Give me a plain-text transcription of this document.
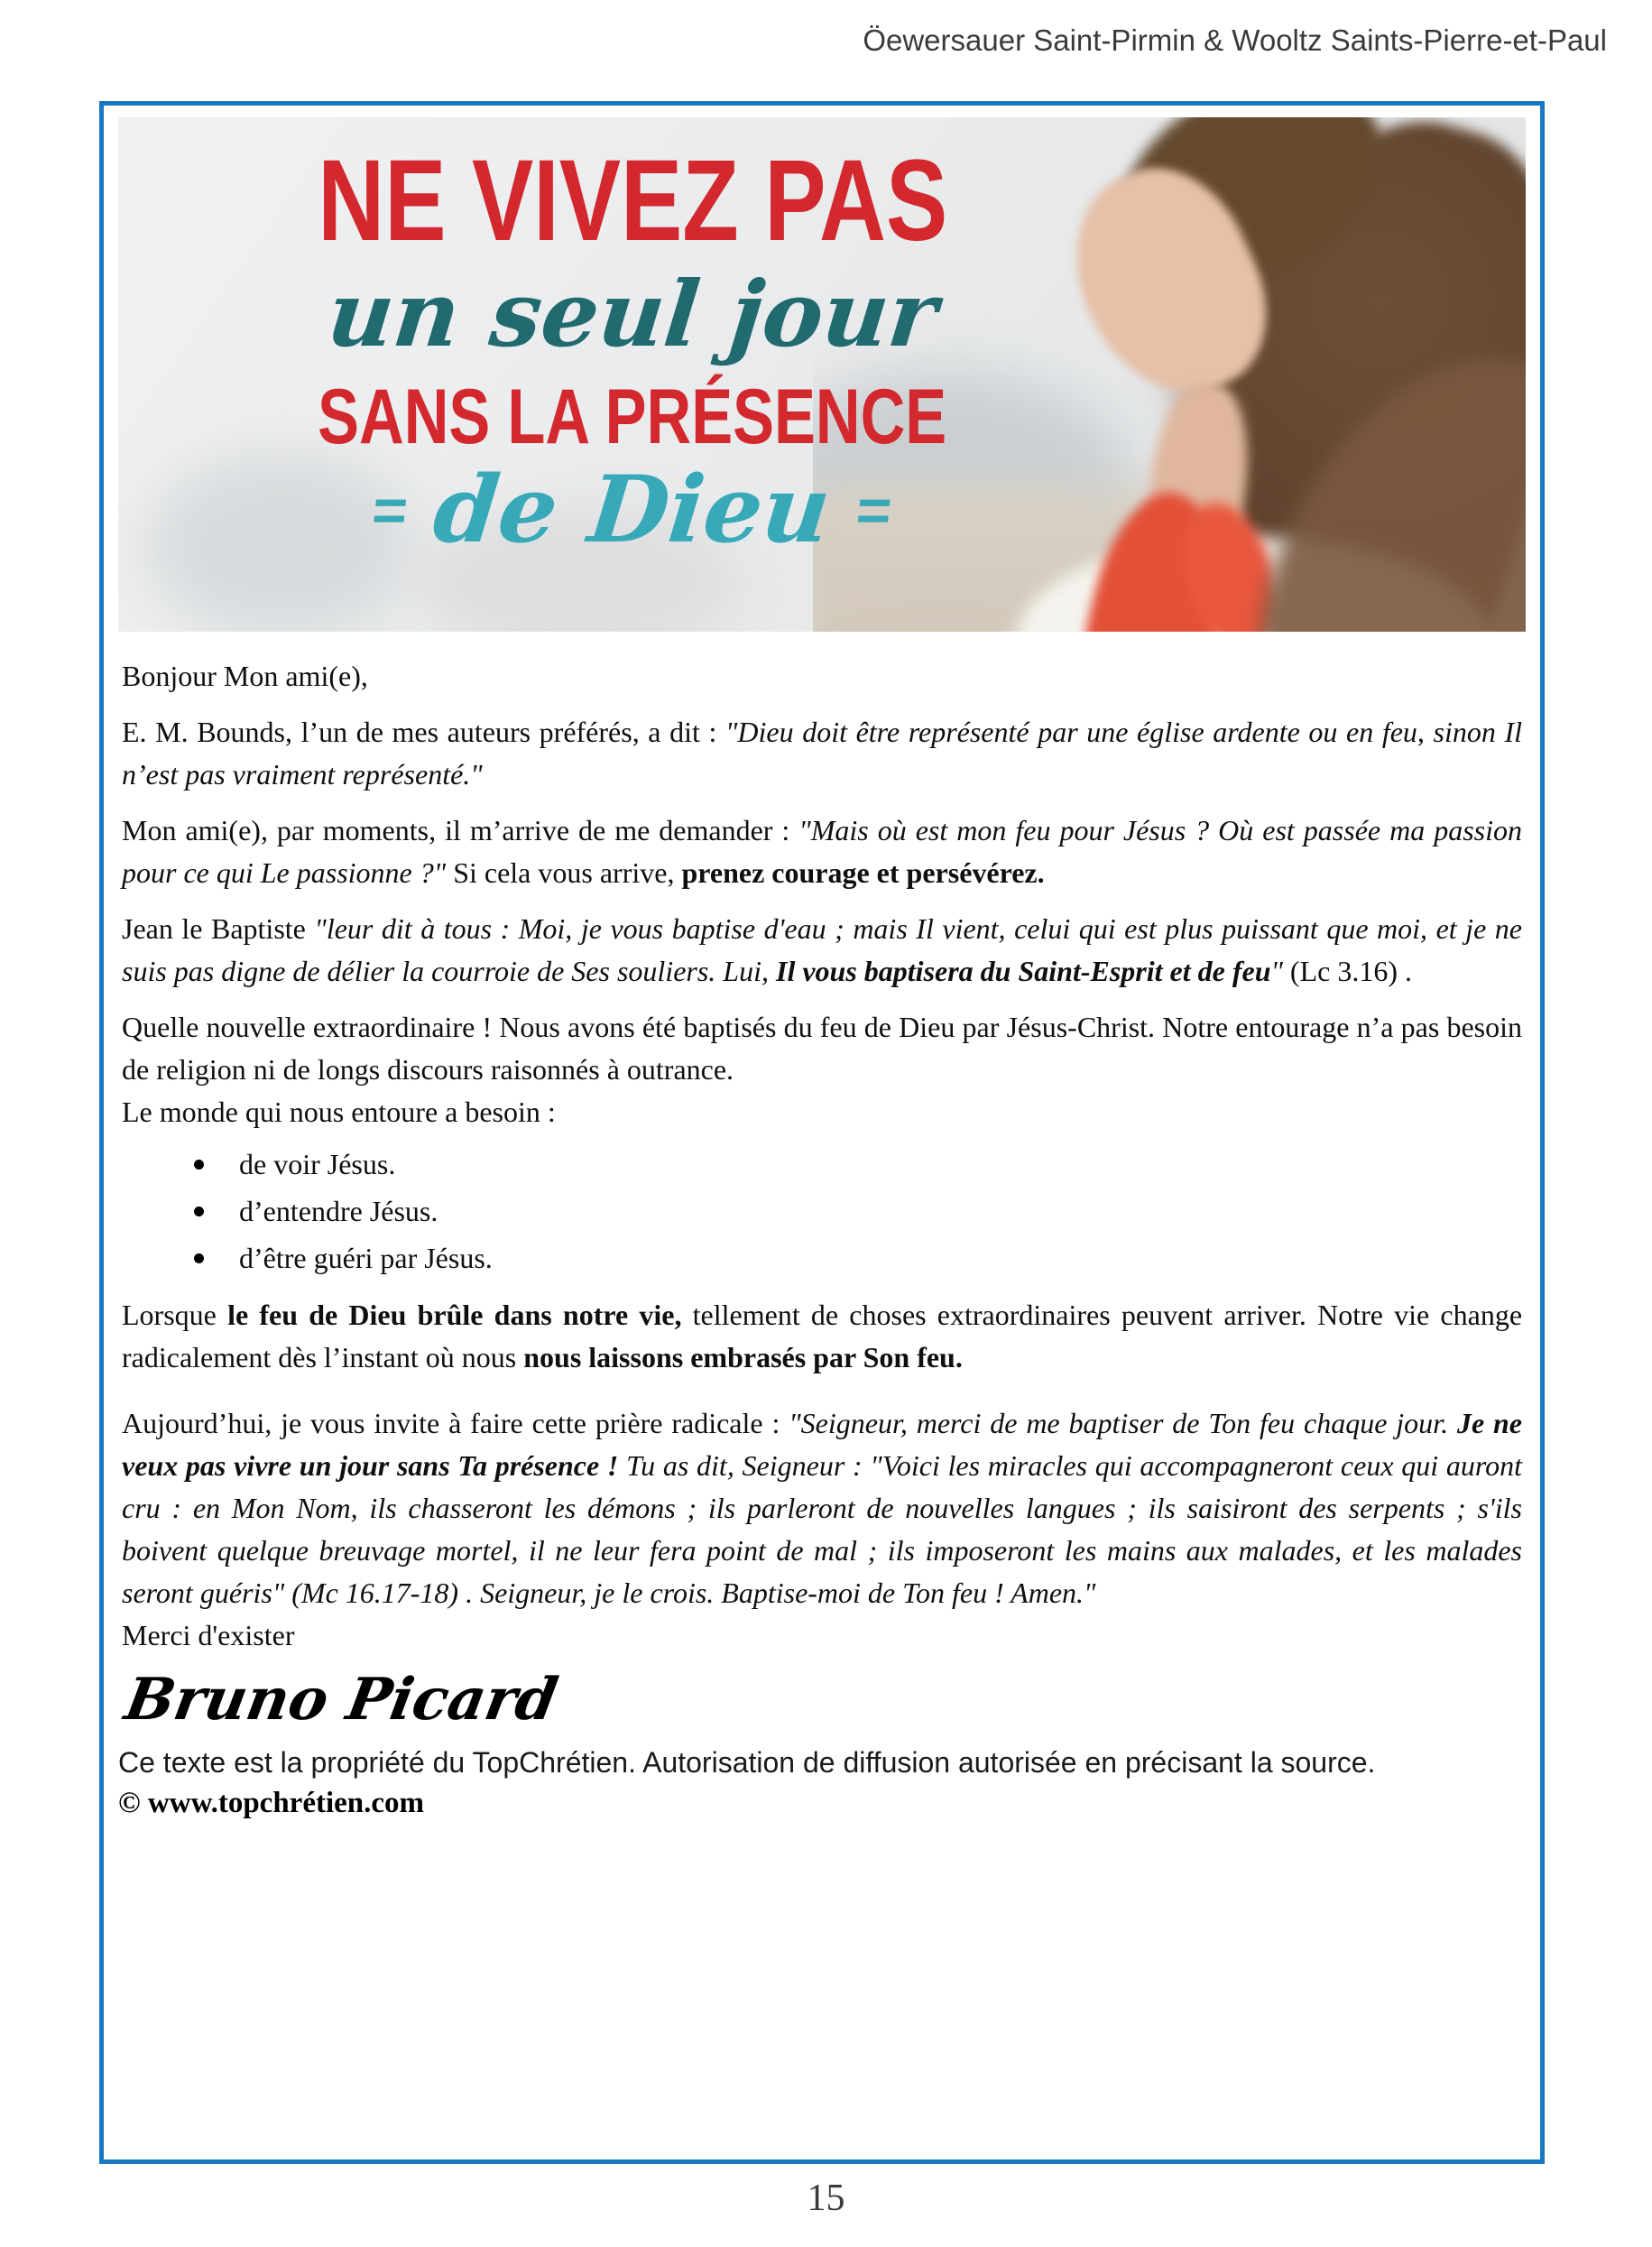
Öewersauer Saint-Pirmin & Wooltz Saints-Pierre-et-Paul
NE VIVEZ PAS
un seul jour
SANS LA PRÉSENCE
= de Dieu =

Bonjour Mon ami(e),

E. M. Bounds, l’un de mes auteurs préférés, a dit : "Dieu doit être représenté par une église ardente ou en feu, sinon Il n’est pas vraiment représenté."

Mon ami(e), par moments, il m’arrive de me demander : "Mais où est mon feu pour Jésus ? Où est passée ma passion pour ce qui Le passionne ?" Si cela vous arrive, prenez courage et persévérez.

Jean le Baptiste "leur dit à tous : Moi, je vous baptise d'eau ; mais Il vient, celui qui est plus puissant que moi, et je ne suis pas digne de délier la courroie de Ses souliers. Lui, Il vous baptisera du Saint-Esprit et de feu" (Lc 3.16) .

Quelle nouvelle extraordinaire ! Nous avons été baptisés du feu de Dieu par Jésus-Christ. Notre entourage n’a pas besoin de religion ni de longs discours raisonnés à outrance.

Le monde qui nous entoure a besoin :

de voir Jésus.
d’entendre Jésus.
d’être guéri par Jésus.

Lorsque le feu de Dieu brûle dans notre vie, tellement de choses extraordinaires peuvent arriver. Notre vie change radicalement dès l’instant où nous nous laissons embrasés par Son feu.

Aujourd’hui, je vous invite à faire cette prière radicale : "Seigneur, merci de me baptiser de Ton feu chaque jour. Je ne veux pas vivre un jour sans Ta présence ! Tu as dit, Seigneur : "Voici les miracles qui accompagneront ceux qui auront cru : en Mon Nom, ils chasseront les démons ; ils parleront de nouvelles langues ; ils saisiront des serpents ; s'ils boivent quelque breuvage mortel, il ne leur fera point de mal ; ils imposeront les mains aux malades, et les malades seront guéris" (Mc 16.17-18) . Seigneur, je le crois. Baptise-moi de Ton feu ! Amen."

Merci d'exister

Bruno Picard
Ce texte est la propriété du TopChrétien. Autorisation de diffusion autorisée en précisant la source.
© www.topchrétien.com
15
